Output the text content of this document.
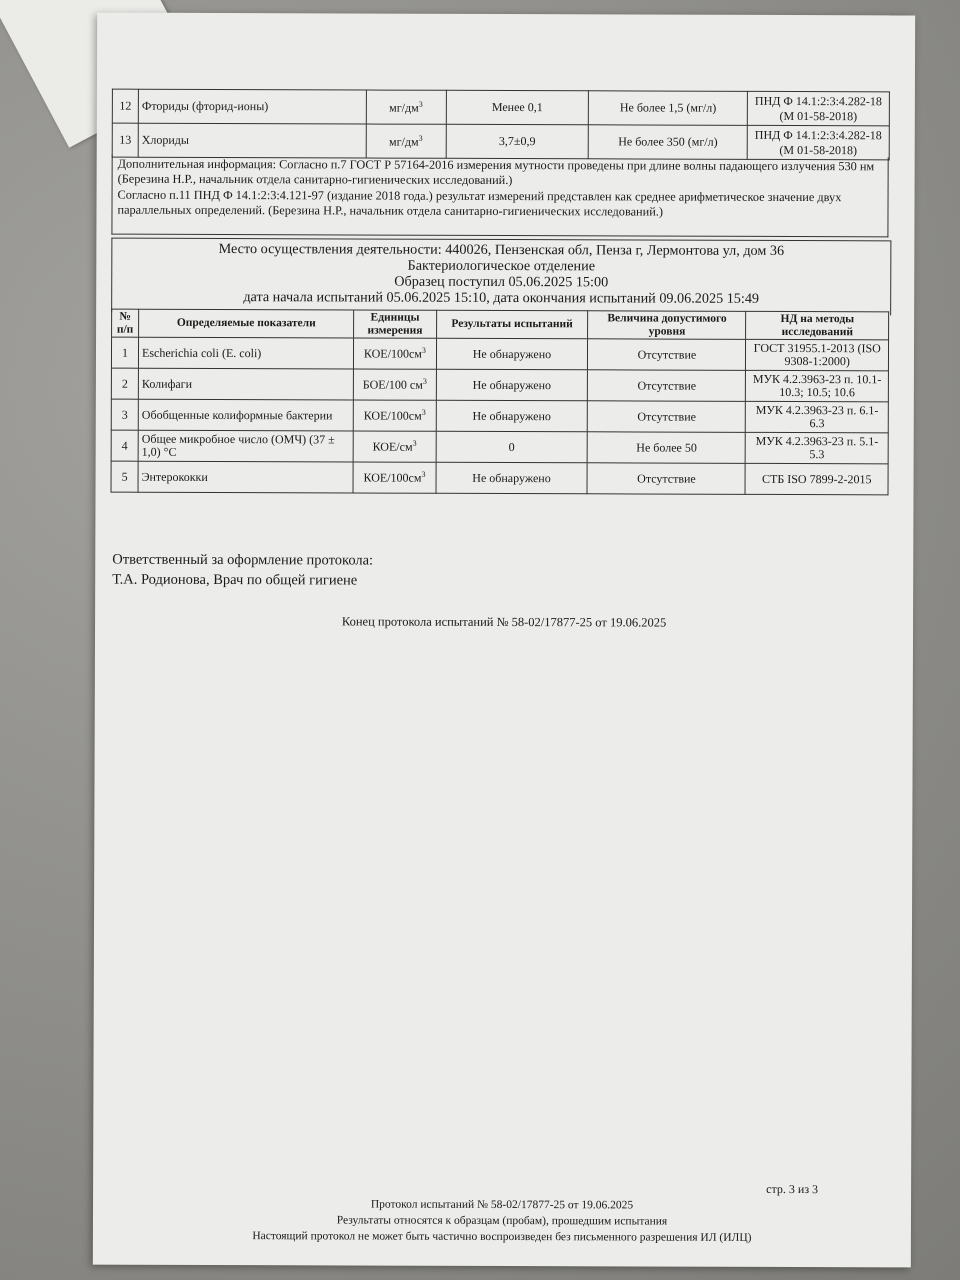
12	Фториды (фторид-ионы)	$мг/дм^3$	Менее 0,1	Не более 1,5 (мг/л)	ПНД Ф 14.1:2:3:4.282-18 (М 01-58-2018)
13	Хлориды	$мг/дм^3$	3,7±0,9	Не более 350 (мг/л)	ПНД Ф 14.1:2:3:4.282-18 (М 01-58-2018)
Дополнительная информация: Согласно п.7 ГОСТ Р 57164-2016 измерения мутности проведены при длине волны падающего излучения 530 нм (Березина Н.Р., начальник отдела санитарно-гигиенических исследований.)
Согласно п.11 ПНД Ф 14.1:2:3:4.121-97 (издание 2018 года.) результат измерений представлен как среднее арифметическое значение двух параллельных определений. (Березина Н.Р., начальник отдела санитарно-гигиенических исследований.)
Место осуществления деятельности: 440026, Пензенская обл, Пенза г, Лермонтова ул, дом 36
Бактериологическое отделение
Образец поступил 05.06.2025 15:00
дата начала испытаний 05.06.2025 15:10, дата окончания испытаний 09.06.2025 15:49
№ п/п	Определяемые показатели	Единицы измерения	Результаты испытаний	Величина допустимого уровня	НД на методы исследований
1	Escherichia coli (E. coli)	КОЕ/$100см^3$	Не обнаружено	Отсутствие	ГОСТ 31955.1-2013 (ISO 9308-1:2000)
2	Колифаги	БОЕ/100 $см^3$	Не обнаружено	Отсутствие	МУК 4.2.3963-23 п. 10.1-10.3; 10.5; 10.6
3	Обобщенные колиформные бактерии	КОЕ/$100см^3$	Не обнаружено	Отсутствие	МУК 4.2.3963-23 п. 6.1-6.3
4	Общее микробное число (ОМЧ) (37 ± 1,0) °С	КОЕ/$см^3$	0	Не более 50	МУК 4.2.3963-23 п. 5.1-5.3
5	Энтерококки	КОЕ/$100см^3$	Не обнаружено	Отсутствие	СТБ ISO 7899-2-2015
Ответственный за оформление протокола:
Т.А. Родионова, Врач по общей гигиене
Конец протокола испытаний № 58-02/17877-25 от 19.06.2025
стр. 3 из 3
Протокол испытаний № 58-02/17877-25 от 19.06.2025
Результаты относятся к образцам (пробам), прошедшим испытания
Настоящий протокол не может быть частично воспроизведен без письменного разрешения ИЛ (ИЛЦ)
